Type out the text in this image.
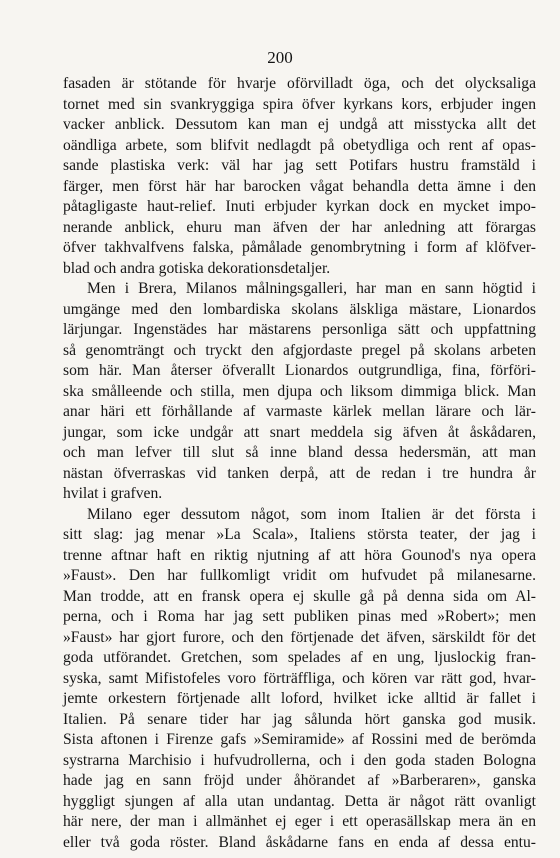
200
fasaden är stötande för hvarje oförvilladt öga, och det olycksaliga
tornet med sin svankryggiga spira öfver kyrkans kors, erbjuder ingen
vacker anblick. Dessutom kan man ej undgå att misstycka allt det
oändliga arbete, som blifvit nedlagdt på obetydliga och rent af opas-
sande plastiska verk: väl har jag sett Potifars hustru framstäld i
färger, men först här har barocken vågat behandla detta ämne i den
påtagligaste haut-relief. Inuti erbjuder kyrkan dock en mycket impo-
nerande anblick, ehuru man äfven der har anledning att förargas
öfver takhvalfvens falska, påmålade genombrytning i form af klöfver-
blad och andra gotiska dekorationsdetaljer.
Men i Brera, Milanos målningsgalleri, har man en sann högtid i
umgänge med den lombardiska skolans älskliga mästare, Lionardos
lärjungar. Ingenstädes har mästarens personliga sätt och uppfattning
så genomträngt och tryckt den afgjordaste pregel på skolans arbeten
som här. Man återser öfverallt Lionardos outgrundliga, fina, förföri-
ska smålleende och stilla, men djupa och liksom dimmiga blick. Man
anar häri ett förhållande af varmaste kärlek mellan lärare och lär-
jungar, som icke undgår att snart meddela sig äfven åt åskådaren,
och man lefver till slut så inne bland dessa hedersmän, att man
nästan öfverraskas vid tanken derpå, att de redan i tre hundra år
hvilat i grafven.
Milano eger dessutom något, som inom Italien är det första i
sitt slag: jag menar »La Scala», Italiens största teater, der jag i
trenne aftnar haft en riktig njutning af att höra Gounod's nya opera
»Faust». Den har fullkomligt vridit om hufvudet på milanesarne.
Man trodde, att en fransk opera ej skulle gå på denna sida om Al-
perna, och i Roma har jag sett publiken pinas med »Robert»; men
»Faust» har gjort furore, och den förtjenade det äfven, särskildt för det
goda utförandet. Gretchen, som spelades af en ung, ljuslockig fran-
syska, samt Mifistofeles voro förträffliga, och kören var rätt god, hvar-
jemte orkestern förtjenade allt loford, hvilket icke alltid är fallet i
Italien. På senare tider har jag sålunda hört ganska god musik.
Sista aftonen i Firenze gafs »Semiramide» af Rossini med de berömda
systrarna Marchisio i hufvudrollerna, och i den goda staden Bologna
hade jag en sann fröjd under åhörandet af »Barberaren», ganska
hyggligt sjungen af alla utan undantag. Detta är något rätt ovanligt
här nere, der man i allmänhet ej eger i ett operasällskap mera än en
eller två goda röster. Bland åskådarne fans en enda af dessa entu-
